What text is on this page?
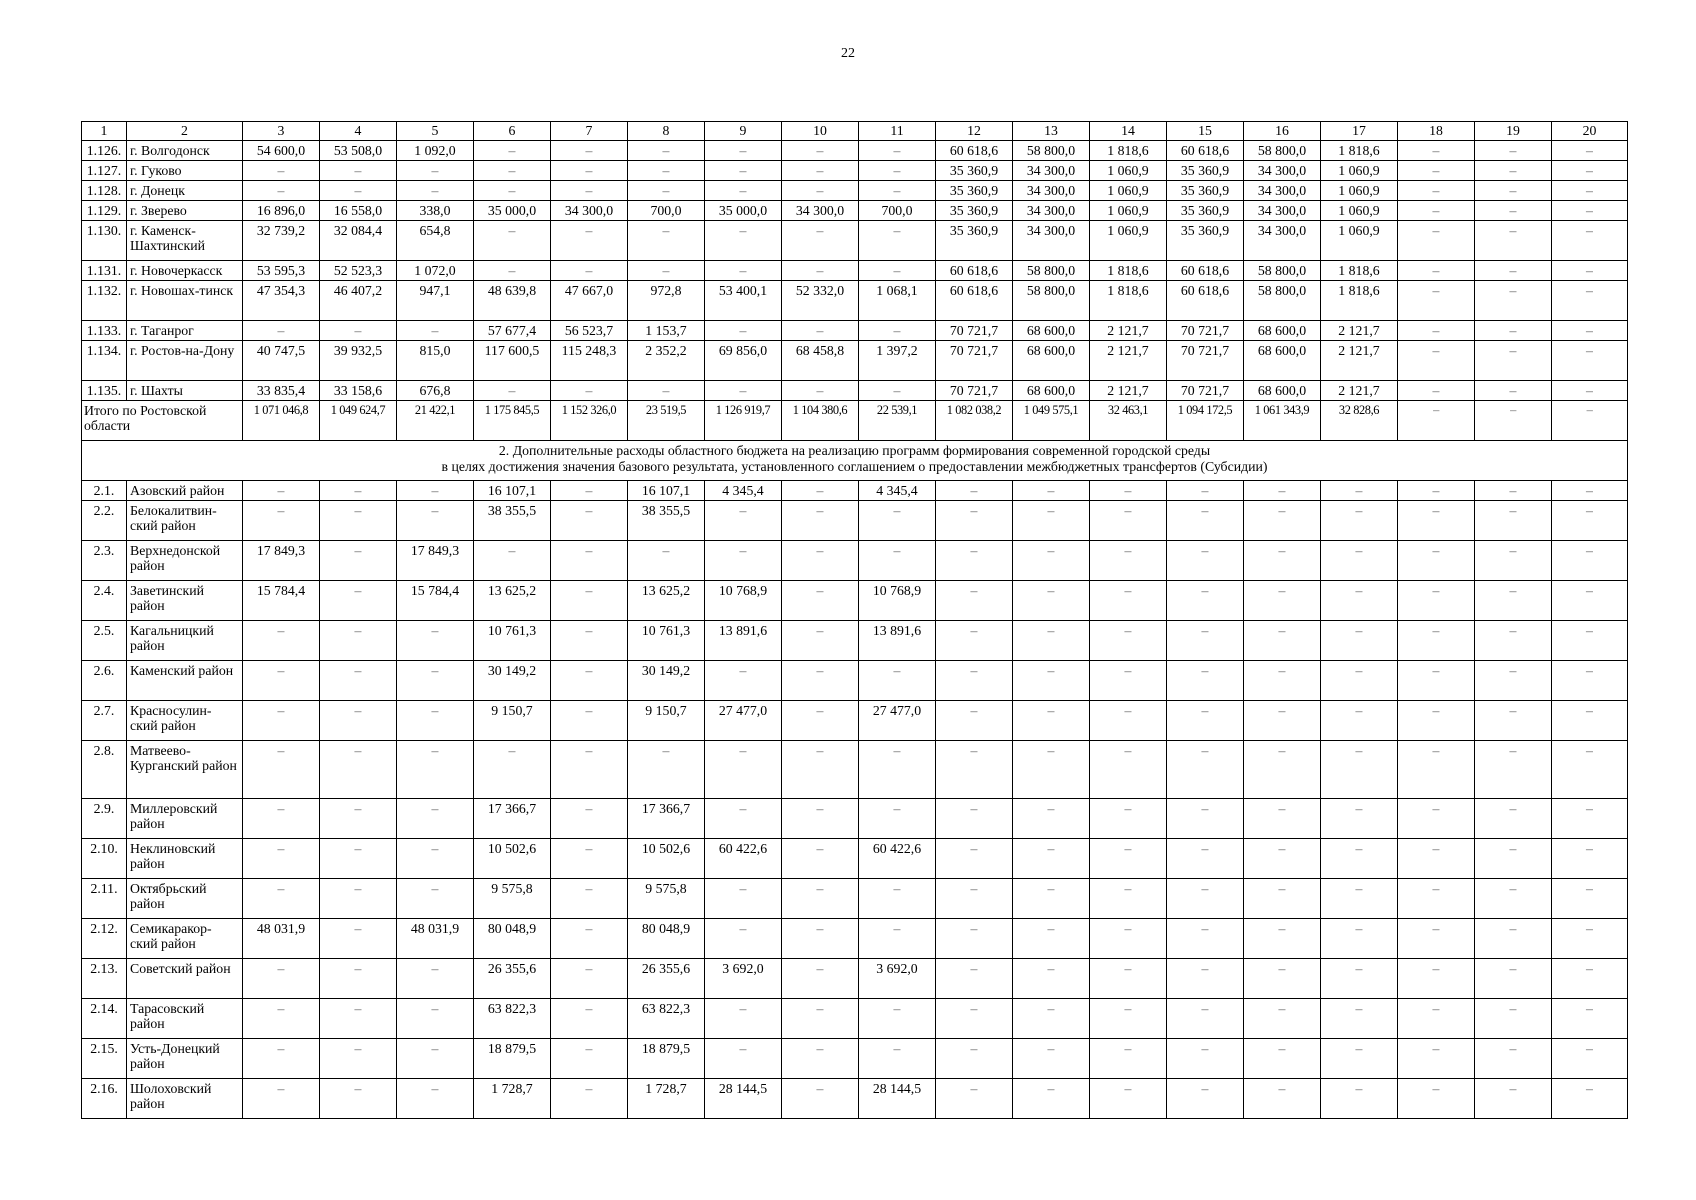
22
1	2	3	4	5	6	7	8	9	10	11	12	13	14	15	16	17	18	19	20
1.126.	г. Волгодонск	54 600,0	53 508,0	1 092,0	–	–	–	–	–	–	60 618,6	58 800,0	1 818,6	60 618,6	58 800,0	1 818,6	–	–	–
1.127.	г. Гуково	–	–	–	–	–	–	–	–	–	35 360,9	34 300,0	1 060,9	35 360,9	34 300,0	1 060,9	–	–	–
1.128.	г. Донецк	–	–	–	–	–	–	–	–	–	35 360,9	34 300,0	1 060,9	35 360,9	34 300,0	1 060,9	–	–	–
1.129.	г. Зверево	16 896,0	16 558,0	338,0	35 000,0	34 300,0	700,0	35 000,0	34 300,0	700,0	35 360,9	34 300,0	1 060,9	35 360,9	34 300,0	1 060,9	–	–	–
1.130.	г. Каменск-Шахтинский	32 739,2	32 084,4	654,8	–	–	–	–	–	–	35 360,9	34 300,0	1 060,9	35 360,9	34 300,0	1 060,9	–	–	–
1.131.	г. Новочеркасск	53 595,3	52 523,3	1 072,0	–	–	–	–	–	–	60 618,6	58 800,0	1 818,6	60 618,6	58 800,0	1 818,6	–	–	–
1.132.	г. Новошах-тинск	47 354,3	46 407,2	947,1	48 639,8	47 667,0	972,8	53 400,1	52 332,0	1 068,1	60 618,6	58 800,0	1 818,6	60 618,6	58 800,0	1 818,6	–	–	–
1.133.	г. Таганрог	–	–	–	57 677,4	56 523,7	1 153,7	–	–	–	70 721,7	68 600,0	2 121,7	70 721,7	68 600,0	2 121,7	–	–	–
1.134.	г. Ростов-на-Дону	40 747,5	39 932,5	815,0	117 600,5	115 248,3	2 352,2	69 856,0	68 458,8	1 397,2	70 721,7	68 600,0	2 121,7	70 721,7	68 600,0	2 121,7	–	–	–
1.135.	г. Шахты	33 835,4	33 158,6	676,8	–	–	–	–	–	–	70 721,7	68 600,0	2 121,7	70 721,7	68 600,0	2 121,7	–	–	–
Итого по Ростовской области		1 071 046,8	1 049 624,7	21 422,1	1 175 845,5	1 152 326,0	23 519,5	1 126 919,7	1 104 380,6	22 539,1	1 082 038,2	1 049 575,1	32 463,1	1 094 172,5	1 061 343,9	32 828,6	–	–	–

2. Дополнительные расходы областного бюджета на реализацию программ формирования современной городской среды
в целях достижения значения базового результата, установленного соглашением о предоставлении межбюджетных трансфертов (Субсидии)																			

2.1.	Азовский район	–	–	–	16 107,1	–	16 107,1	4 345,4	–	4 345,4	–	–	–	–	–	–	–	–	–
2.2.	Белокалитвин-ский район	–	–	–	38 355,5	–	38 355,5	–	–	–	–	–	–	–	–	–	–	–	–
2.3.	Верхнедонской район	17 849,3	–	17 849,3	–	–	–	–	–	–	–	–	–	–	–	–	–	–	–
2.4.	Заветинский район	15 784,4	–	15 784,4	13 625,2	–	13 625,2	10 768,9	–	10 768,9	–	–	–	–	–	–	–	–	–
2.5.	Кагальницкий район	–	–	–	10 761,3	–	10 761,3	13 891,6	–	13 891,6	–	–	–	–	–	–	–	–	–
2.6.	Каменский район	–	–	–	30 149,2	–	30 149,2	–	–	–	–	–	–	–	–	–	–	–	–
2.7.	Красносулин-ский район	–	–	–	9 150,7	–	9 150,7	27 477,0	–	27 477,0	–	–	–	–	–	–	–	–	–
2.8.	Матвеево-Курганский район	–	–	–	–	–	–	–	–	–	–	–	–	–	–	–	–	–	–
2.9.	Миллеровский район	–	–	–	17 366,7	–	17 366,7	–	–	–	–	–	–	–	–	–	–	–	–
2.10.	Неклиновский район	–	–	–	10 502,6	–	10 502,6	60 422,6	–	60 422,6	–	–	–	–	–	–	–	–	–
2.11.	Октябрьский район	–	–	–	9 575,8	–	9 575,8	–	–	–	–	–	–	–	–	–	–	–	–
2.12.	Семикаракор-ский район	48 031,9	–	48 031,9	80 048,9	–	80 048,9	–	–	–	–	–	–	–	–	–	–	–	–
2.13.	Советский район	–	–	–	26 355,6	–	26 355,6	3 692,0	–	3 692,0	–	–	–	–	–	–	–	–	–
2.14.	Тарасовский район	–	–	–	63 822,3	–	63 822,3	–	–	–	–	–	–	–	–	–	–	–	–
2.15.	Усть-Донецкий район	–	–	–	18 879,5	–	18 879,5	–	–	–	–	–	–	–	–	–	–	–	–
2.16.	Шолоховский район	–	–	–	1 728,7	–	1 728,7	28 144,5	–	28 144,5	–	–	–	–	–	–	–	–	–
